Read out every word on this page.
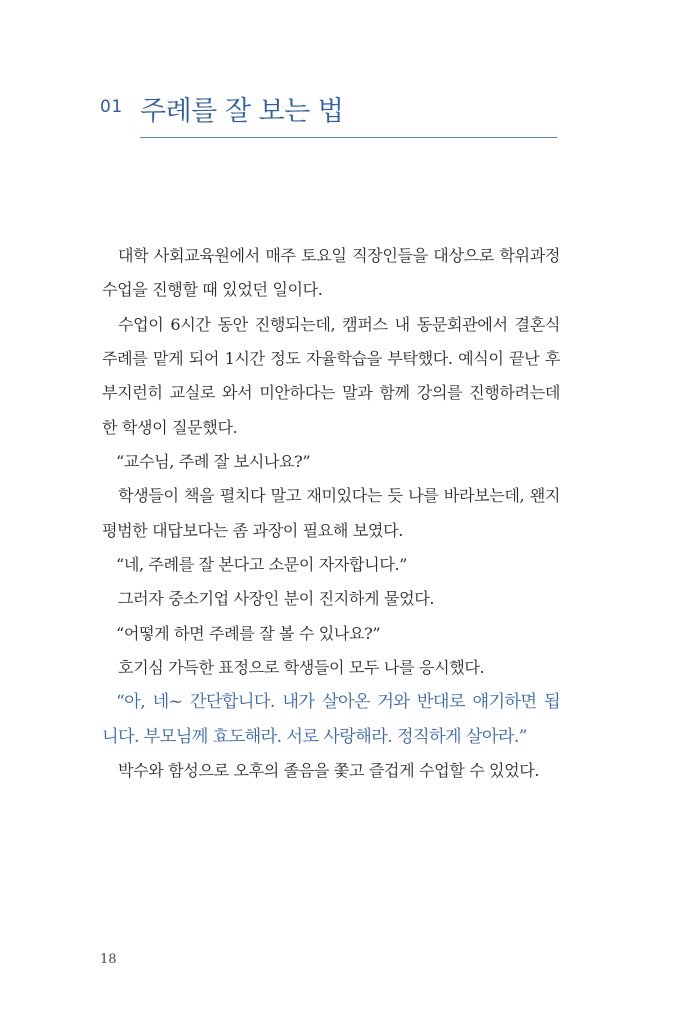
01 주례를 잘 보는 법
대학 사회교육원에서 매주 토요일 직장인들을 대상으로 학위과정
수업을 진행할 때 있었던 일이다.
수업이 6시간 동안 진행되는데, 캠퍼스 내 동문회관에서 결혼식
주례를 맡게 되어 1시간 정도 자율학습을 부탁했다. 예식이 끝난 후
부지런히 교실로 와서 미안하다는 말과 함께 강의를 진행하려는데
한 학생이 질문했다.
“교수님, 주례 잘 보시나요?”
학생들이 책을 펼치다 말고 재미있다는 듯 나를 바라보는데, 왠지
평범한 대답보다는 좀 과장이 필요해 보였다.
“네, 주례를 잘 본다고 소문이 자자합니다.”
그러자 중소기업 사장인 분이 진지하게 물었다.
“어떻게 하면 주례를 잘 볼 수 있나요?”
호기심 가득한 표정으로 학생들이 모두 나를 응시했다.
“아, 네~ 간단합니다. 내가 살아온 거와 반대로 얘기하면 됩
니다. 부모님께 효도해라. 서로 사랑해라. 정직하게 살아라.”
박수와 함성으로 오후의 졸음을 쫓고 즐겁게 수업할 수 있었다.
18
